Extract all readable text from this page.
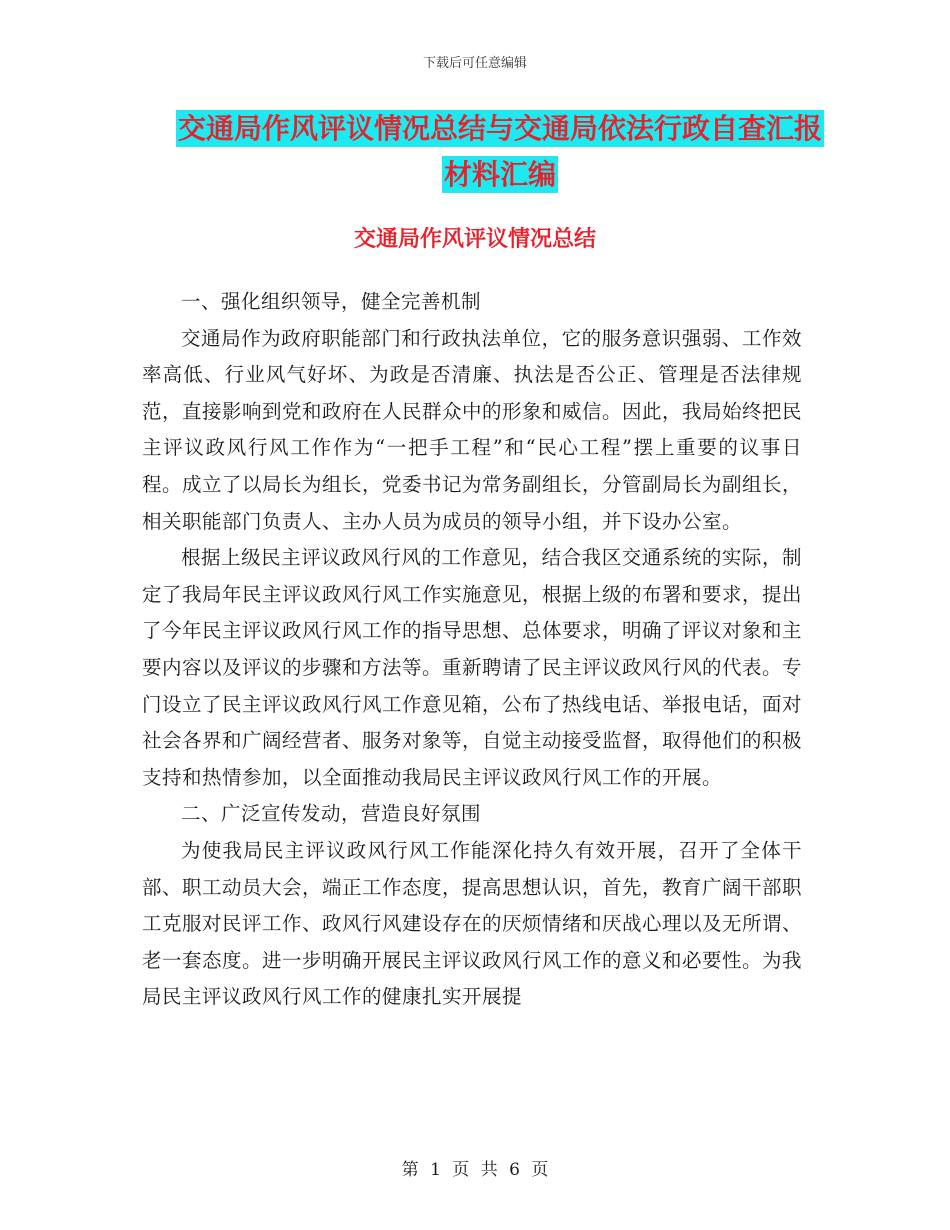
下载后可任意编辑
交通局作风评议情况总结与交通局依法行政自查汇报
材料汇编
交通局作风评议情况总结

一、强化组织领导，健全完善机制

交通局作为政府职能部门和行政执法单位，它的服务意识强弱、工作效率高低、行业风气好坏、为政是否清廉、执法是否公正、管理是否法律规范，直接影响到党和政府在人民群众中的形象和威信。因此，我局始终把民主评议政风行风工作作为“一把手工程”和“民心工程”摆上重要的议事日程。成立了以局长为组长，党委书记为常务副组长，分管副局长为副组长，相关职能部门负责人、主办人员为成员的领导小组，并下设办公室。

根据上级民主评议政风行风的工作意见，结合我区交通系统的实际，制定了我局年民主评议政风行风工作实施意见，根据上级的布署和要求，提出了今年民主评议政风行风工作的指导思想、总体要求，明确了评议对象和主要内容以及评议的步骤和方法等。重新聘请了民主评议政风行风的代表。专门设立了民主评议政风行风工作意见箱，公布了热线电话、举报电话，面对社会各界和广阔经营者、服务对象等，自觉主动接受监督，取得他们的积极支持和热情参加，以全面推动我局民主评议政风行风工作的开展。

二、广泛宣传发动，营造良好氛围

为使我局民主评议政风行风工作能深化持久有效开展，召开了全体干部、职工动员大会，端正工作态度，提高思想认识，首先，教育广阔干部职工克服对民评工作、政风行风建设存在的厌烦情绪和厌战心理以及无所谓、老一套态度。进一步明确开展民主评议政风行风工作的意义和必要性。为我局民主评议政风行风工作的健康扎实开展提

第 1 页 共 6 页
